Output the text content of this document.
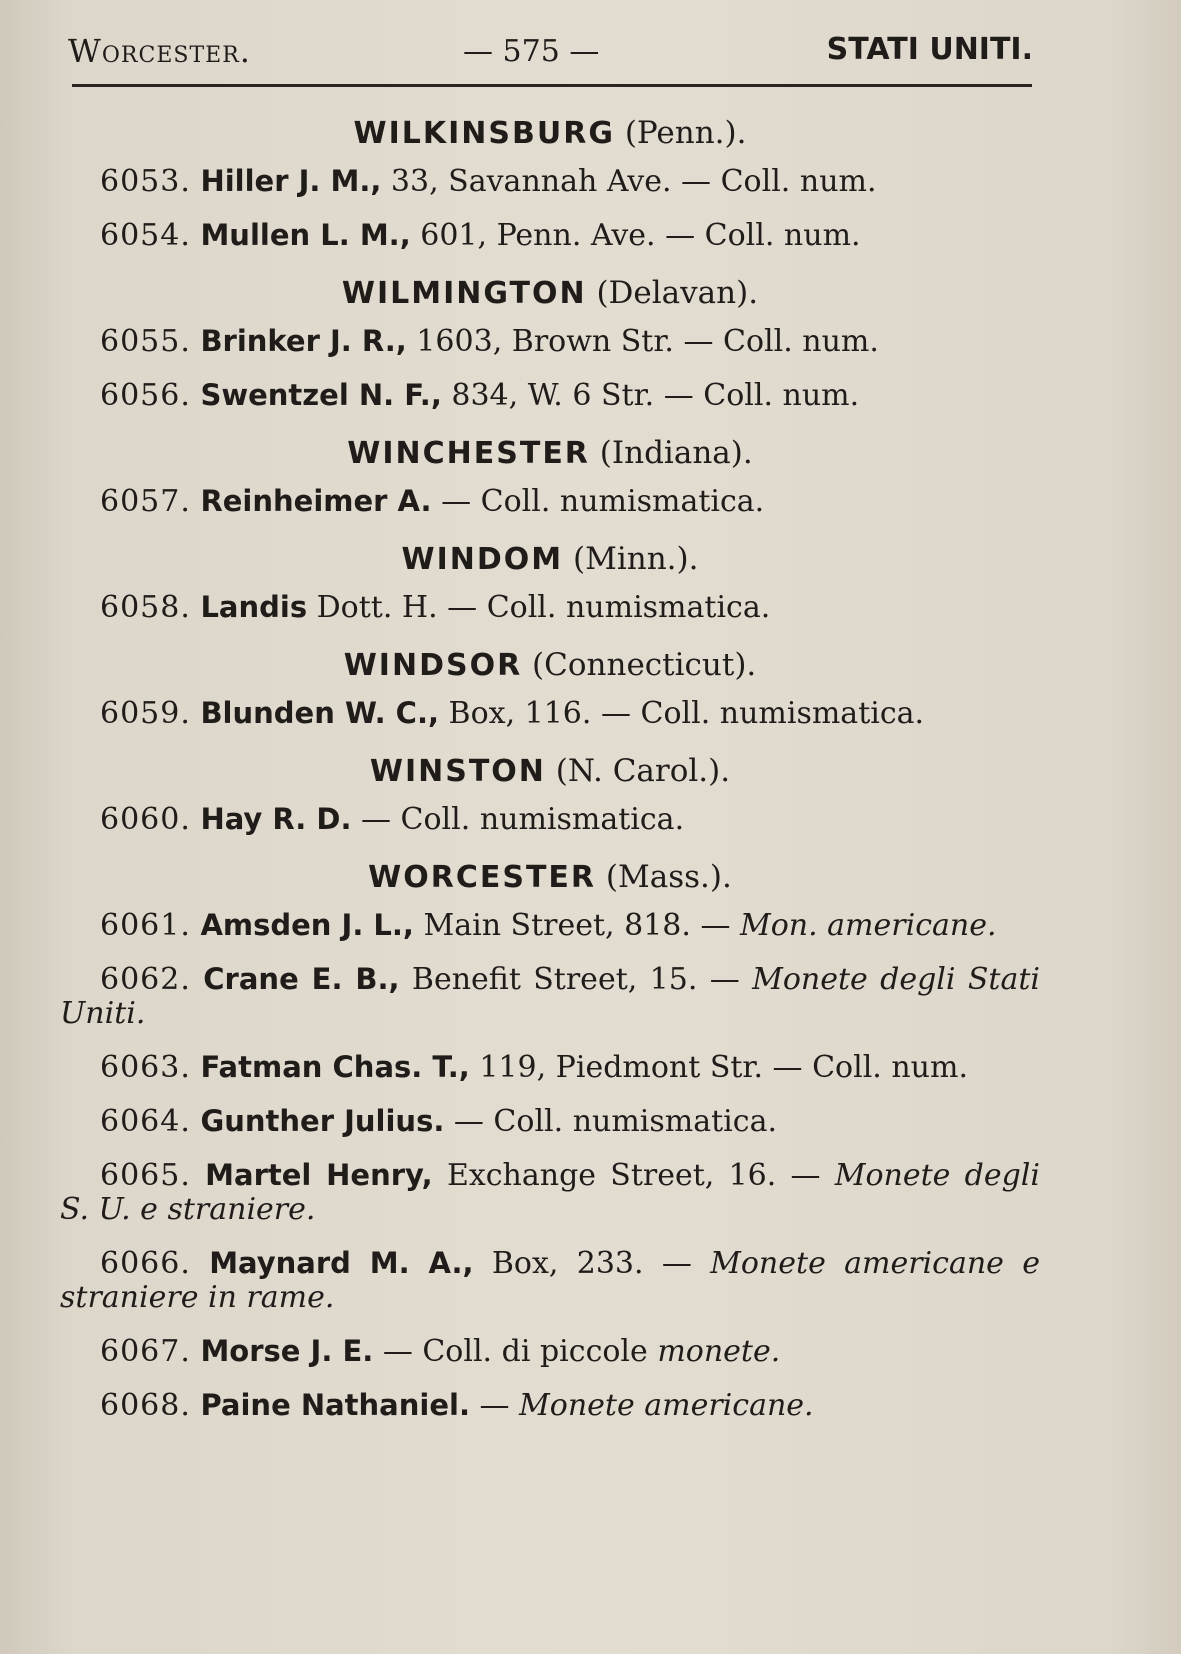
Worcester.	— 575 —	STATI UNITI.
WILKINSBURG (Penn.).
6053. Hiller J. M., 33, Savannah Ave. — Coll. num.
6054. Mullen L. M., 601, Penn. Ave. — Coll. num.
WILMINGTON (Delavan).
6055. Brinker J. R., 1603, Brown Str. — Coll. num.
6056. Swentzel N. F., 834, W. 6 Str. — Coll. num.
WINCHESTER (Indiana).
6057. Reinheimer A. — Coll. numismatica.
WINDOM (Minn.).
6058. Landis Dott. H. — Coll. numismatica.
WINDSOR (Connecticut).
6059. Blunden W. C., Box, 116. — Coll. numismatica.
WINSTON (N. Carol.).
6060. Hay R. D. — Coll. numismatica.
WORCESTER (Mass.).
6061. Amsden J. L., Main Street, 818. — Mon. americane.
6062. Crane E. B., Benefit Street, 15. — Monete degli Stati Uniti.
6063. Fatman Chas. T., 119, Piedmont Str. — Coll. num.
6064. Gunther Julius. — Coll. numismatica.
6065. Martel Henry, Exchange Street, 16. — Monete degli S. U. e straniere.
6066. Maynard M. A., Box, 233. — Monete americane e straniere in rame.
6067. Morse J. E. — Coll. di piccole monete.
6068. Paine Nathaniel. — Monete americane.
